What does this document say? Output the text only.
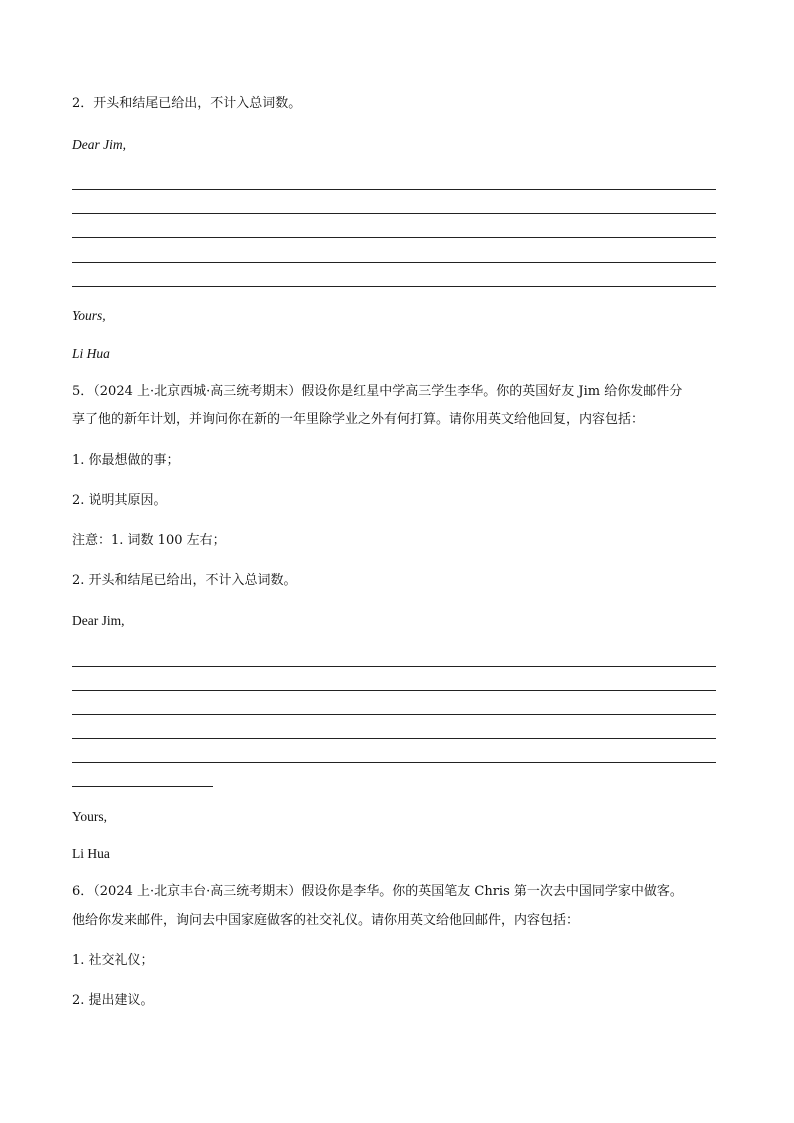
2．开头和结尾已给出，不计入总词数。
Dear Jim,
Yours,
Li Hua
5．（2024 上·北京西城·高三统考期末）假设你是红星中学高三学生李华。你的英国好友 Jim 给你发邮件分
享了他的新年计划，并询问你在新的一年里除学业之外有何打算。请你用英文给他回复，内容包括：
1. 你最想做的事；
2. 说明其原因。
注意：1. 词数 100 左右；
2. 开头和结尾已给出，不计入总词数。
Dear Jim,
Yours,
Li Hua
6．（2024 上·北京丰台·高三统考期末）假设你是李华。你的英国笔友 Chris 第一次去中国同学家中做客。
他给你发来邮件，询问去中国家庭做客的社交礼仪。请你用英文给他回邮件，内容包括：
1. 社交礼仪；
2. 提出建议。
